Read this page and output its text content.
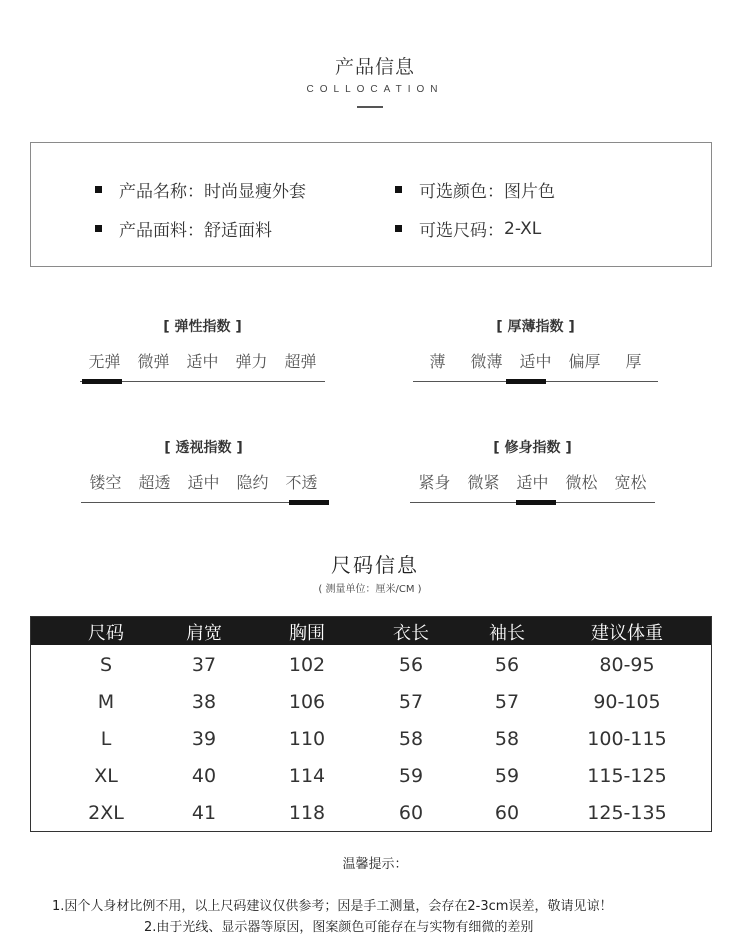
产品信息
COLLOCATION
产品名称 ： 时尚显瘦外套	可选颜色 ： 图片色
产品面料 ： 舒适面料	可选尺码 ： 2-XL
[ 弹性指数 ]
无弹	微弹	适中	弹力	超弹
[ 厚薄指数 ]
薄	微薄	适中	偏厚	厚
[ 透视指数 ]
镂空	超透	适中	隐约	不透
[ 修身指数 ]
紧身	微紧	适中	微松	宽松
尺码信息
( 测量单位：厘米/CM )
尺码	肩宽	胸围	衣长	袖长	建议体重
S	37	102	56	56	80-95
M	38	106	57	57	90-105
L	39	110	58	58	100-115
XL	40	114	59	59	115-125
2XL	41	118	60	60	125-135
温馨提示：
1.因个人身材比例不用，以上尺码建议仅供参考；因是手工测量，会存在2-3cm误差，敬请见谅！
2.由于光线、显示器等原因，图案颜色可能存在与实物有细微的差别
